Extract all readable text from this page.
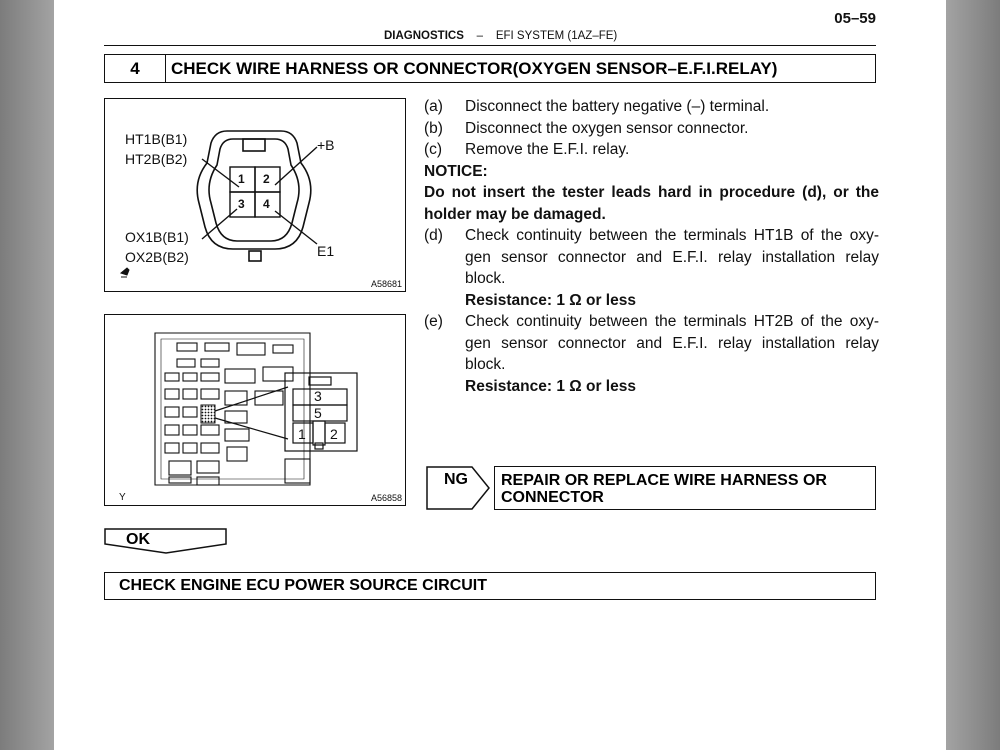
05–59
DIAGNOSTICS – EFI SYSTEM (1AZ–FE)
4	CHECK WIRE HARNESS OR CONNECTOR(OXYGEN SENSOR–E.F.I.RELAY)
HT1B(B1)
HT2B(B2)
+B
OX1B(B1)
OX2B(B2)	E1
1 2
3 4
A58681
3
5
1 2
Y	A56858
(a)	Disconnect the battery negative (–) terminal.
(b)	Disconnect the oxygen sensor connector.
(c)	Remove the E.F.I. relay.
NOTICE:
Do not insert the tester leads hard in procedure (d), or the holder may be damaged.
(d)	Check continuity between the terminals HT1B of the oxy-gen sensor connector and E.F.I. relay installation relay block.
Resistance: 1 Ω or less
(e)	Check continuity between the terminals HT2B of the oxy-gen sensor connector and E.F.I. relay installation relay block.
Resistance: 1 Ω or less
NG	REPAIR OR REPLACE WIRE HARNESS OR CONNECTOR
OK
CHECK ENGINE ECU POWER SOURCE CIRCUIT
